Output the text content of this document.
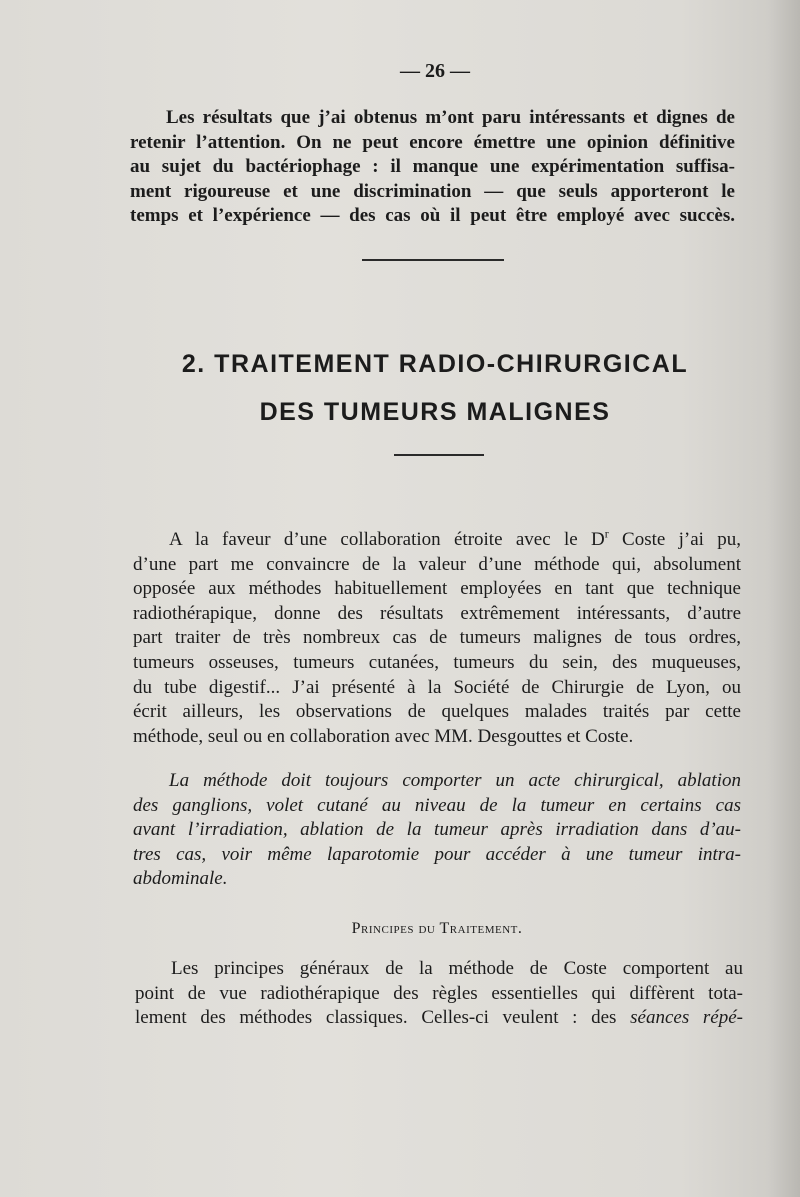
— 26 —
Les résultats que j’ai obtenus m’ont paru intéressants et dignes de
retenir l’attention. On ne peut encore émettre une opinion définitive
au sujet du bactériophage : il manque une expérimentation suffisa-
ment rigoureuse et une discrimination — que seuls apporteront le
temps et l’expérience — des cas où il peut être employé avec succès.
2. TRAITEMENT RADIO-CHIRURGICAL
DES TUMEURS MALIGNES
A la faveur d’une collaboration étroite avec le $D^r$ Coste j’ai pu,
d’une part me convaincre de la valeur d’une méthode qui, absolument
opposée aux méthodes habituellement employées en tant que technique
radiothérapique, donne des résultats extrêmement intéressants, d’autre
part traiter de très nombreux cas de tumeurs malignes de tous ordres,
tumeurs osseuses, tumeurs cutanées, tumeurs du sein, des muqueuses,
du tube digestif... J’ai présenté à la Société de Chirurgie de Lyon, ou
écrit ailleurs, les observations de quelques malades traités par cette
méthode, seul ou en collaboration avec MM. Desgouttes et Coste.
La méthode doit toujours comporter un acte chirurgical, ablation
des ganglions, volet cutané au niveau de la tumeur en certains cas
avant l’irradiation, ablation de la tumeur après irradiation dans d’au-
tres cas, voir même laparotomie pour accéder à une tumeur intra-
abdominale.
Principes du Traitement.
Les principes généraux de la méthode de Coste comportent au
point de vue radiothérapique des règles essentielles qui diffèrent tota-
lement des méthodes classiques. Celles-ci veulent : des séances répé-
